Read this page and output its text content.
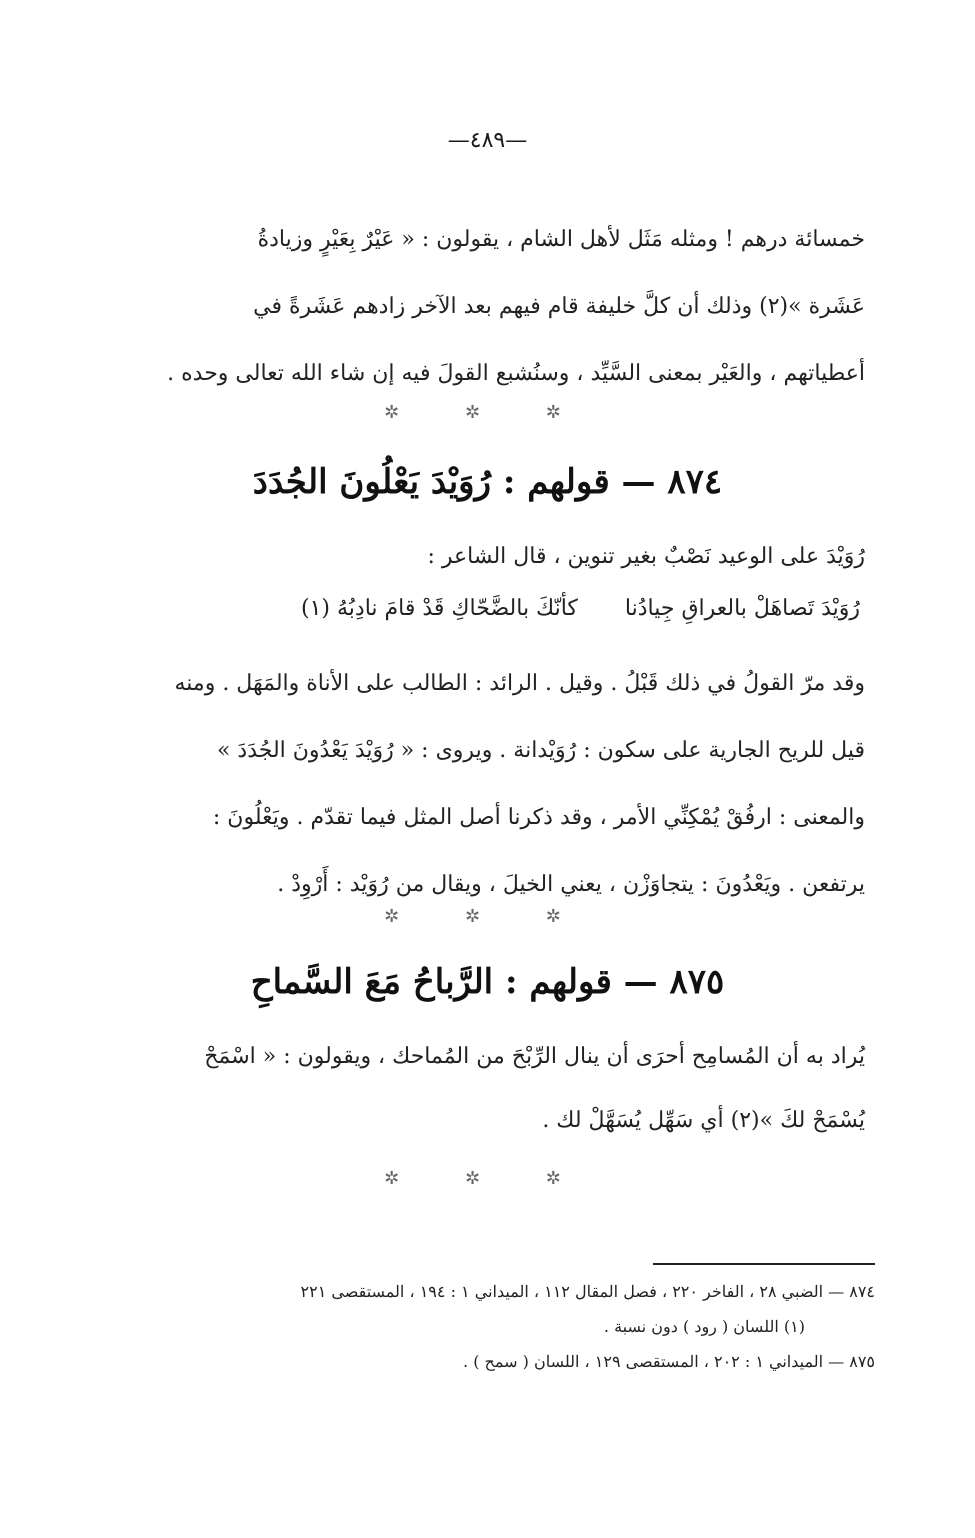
—٤٨٩—
خمسائة درهم ! ومثله مَثَل لأهل الشام ، يقولون : « عَيْرٌ بِعَيْرٍ وزيادةُ
عَشَرة »(٢) وذلك أن كلَّ خليفة قام فيهم بعد الآخر زادهم عَشَرةً في
أعطياتهم ، والعَيْر بمعنى السَّيِّد ، وسنُشبع القولَ فيه إن شاء الله تعالى وحده .
✲ ✲ ✲
٨٧٤ — قولهم : رُوَيْدَ يَعْلُونَ الجُدَدَ
رُوَيْدَ على الوعيد نَصْبٌ بغير تنوين ، قال الشاعر :
رُوَيْدَ تَصاهَلْ بالعراقِ جِيادُنا كأنّكَ بالضَّحّاكِ قَدْ قامَ نادِبُهُ (١)
وقد مرّ القولُ في ذلك قَبْلُ . وقيل . الرائد : الطالب على الأناة والمَهَل . ومنه
قيل للريح الجارية على سكون : رُوَيْدانة . ويروى : « رُوَيْدَ يَعْدُونَ الجُدَدَ »
والمعنى : ارفُقْ يُمْكِنِّي الأمر ، وقد ذكرنا أصل المثل فيما تقدّم . ويَعْلُونَ :
يرتفعن . ويَعْدُونَ : يتجاوَزْن ، يعني الخيلَ ، ويقال من رُوَيْد : أَرْوِدْ .
✲ ✲ ✲
٨٧٥ — قولهم : الرَّباحُ مَعَ السَّماحِ
يُراد به أن المُسامِح أحرَى أن ينال الرِّبْحَ من المُماحك ، ويقولون : « اسْمَحْ
يُسْمَحْ لكَ »(٢) أي سَهِّل يُسَهَّلْ لك .
✲ ✲ ✲
٨٧٤ — الضبي ٢٨ ، الفاخر ٢٢٠ ، فصل المقال ١١٢ ، الميداني ١ : ١٩٤ ، المستقصى ٢٢١
(١) اللسان ( رود ) دون نسبة .
٨٧٥ — الميداني ١ : ٢٠٢ ، المستقصى ١٢٩ ، اللسان ( سمح ) .
